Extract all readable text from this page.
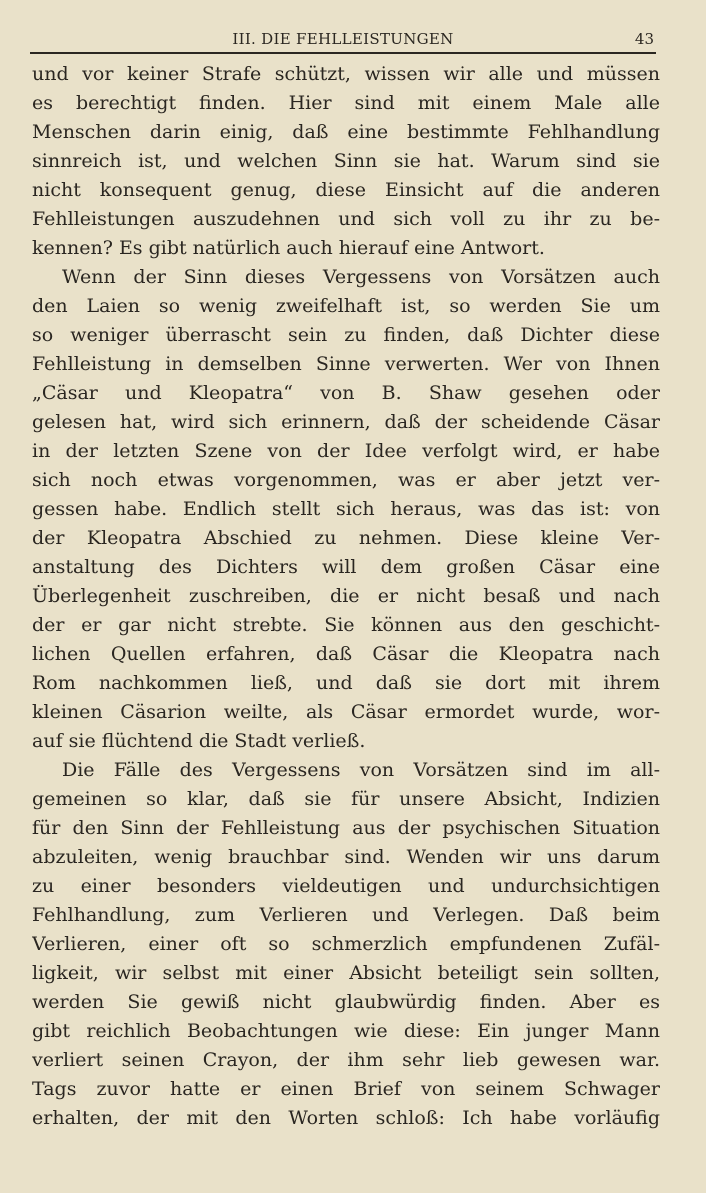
III. DIE FEHLLEISTUNGEN	43
und vor keiner Strafe schützt, wissen wir alle und müssen
es berechtigt finden. Hier sind mit einem Male alle
Menschen darin einig, daß eine bestimmte Fehlhandlung
sinnreich ist, und welchen Sinn sie hat. Warum sind sie
nicht konsequent genug, diese Einsicht auf die anderen
Fehlleistungen auszudehnen und sich voll zu ihr zu be-
kennen? Es gibt natürlich auch hierauf eine Antwort.
Wenn der Sinn dieses Vergessens von Vorsätzen auch
den Laien so wenig zweifelhaft ist, so werden Sie um
so weniger überrascht sein zu finden, daß Dichter diese
Fehlleistung in demselben Sinne verwerten. Wer von Ihnen
„Cäsar und Kleopatra“ von B. Shaw gesehen oder
gelesen hat, wird sich erinnern, daß der scheidende Cäsar
in der letzten Szene von der Idee verfolgt wird, er habe
sich noch etwas vorgenommen, was er aber jetzt ver-
gessen habe. Endlich stellt sich heraus, was das ist: von
der Kleopatra Abschied zu nehmen. Diese kleine Ver-
anstaltung des Dichters will dem großen Cäsar eine
Überlegenheit zuschreiben, die er nicht besaß und nach
der er gar nicht strebte. Sie können aus den geschicht-
lichen Quellen erfahren, daß Cäsar die Kleopatra nach
Rom nachkommen ließ, und daß sie dort mit ihrem
kleinen Cäsarion weilte, als Cäsar ermordet wurde, wor-
auf sie flüchtend die Stadt verließ.
Die Fälle des Vergessens von Vorsätzen sind im all-
gemeinen so klar, daß sie für unsere Absicht, Indizien
für den Sinn der Fehlleistung aus der psychischen Situation
abzuleiten, wenig brauchbar sind. Wenden wir uns darum
zu einer besonders vieldeutigen und undurchsichtigen
Fehlhandlung, zum Verlieren und Verlegen. Daß beim
Verlieren, einer oft so schmerzlich empfundenen Zufäl-
ligkeit, wir selbst mit einer Absicht beteiligt sein sollten,
werden Sie gewiß nicht glaubwürdig finden. Aber es
gibt reichlich Beobachtungen wie diese: Ein junger Mann
verliert seinen Crayon, der ihm sehr lieb gewesen war.
Tags zuvor hatte er einen Brief von seinem Schwager
erhalten, der mit den Worten schloß: Ich habe vorläufig
